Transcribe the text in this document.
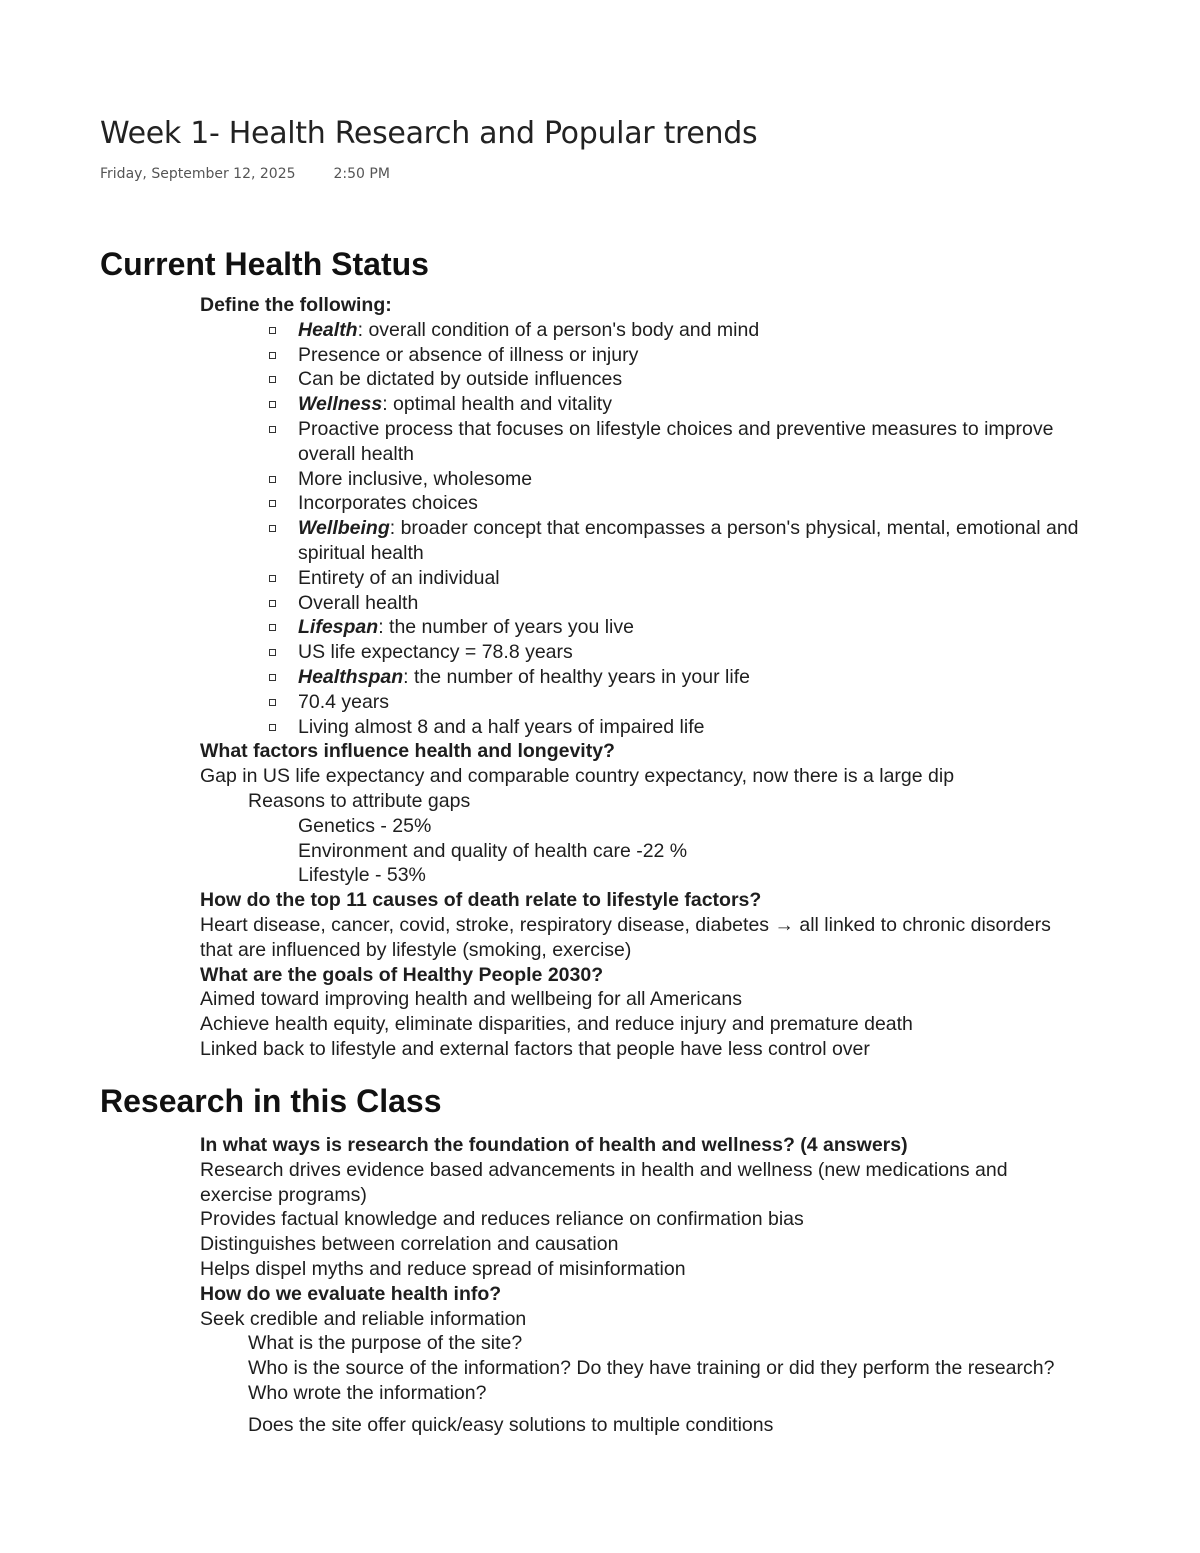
Week 1- Health Research and Popular trends
Friday, September 12, 2025	2:50 PM
Current Health Status
Define the following:
Health: overall condition of a person's body and mind
Presence or absence of illness or injury
Can be dictated by outside influences
Wellness: optimal health and vitality
Proactive process that focuses on lifestyle choices and preventive measures to improve overall health
More inclusive, wholesome
Incorporates choices
Wellbeing: broader concept that encompasses a person's physical, mental, emotional and spiritual health
Entirety of an individual
Overall health
Lifespan: the number of years you live
US life expectancy = 78.8 years
Healthspan: the number of healthy years in your life
70.4 years
Living almost 8 and a half years of impaired life
What factors influence health and longevity?
Gap in US life expectancy and comparable country expectancy, now there is a large dip
Reasons to attribute gaps
Genetics - 25%
Environment and quality of health care -22 %
Lifestyle - 53%
How do the top 11 causes of death relate to lifestyle factors?
Heart disease, cancer, covid, stroke, respiratory disease, diabetes → all linked to chronic disorders that are influenced by lifestyle (smoking, exercise)
What are the goals of Healthy People 2030?
Aimed toward improving health and wellbeing for all Americans
Achieve health equity, eliminate disparities, and reduce injury and premature death
Linked back to lifestyle and external factors that people have less control over
Research in this Class
In what ways is research the foundation of health and wellness? (4 answers)
Research drives evidence based advancements in health and wellness (new medications and exercise programs)
Provides factual knowledge and reduces reliance on confirmation bias
Distinguishes between correlation and causation
Helps dispel myths and reduce spread of misinformation
How do we evaluate health info?
Seek credible and reliable information
What is the purpose of the site?
Who is the source of the information? Do they have training or did they perform the research?
Who wrote the information?
Does the site offer quick/easy solutions to multiple conditions
